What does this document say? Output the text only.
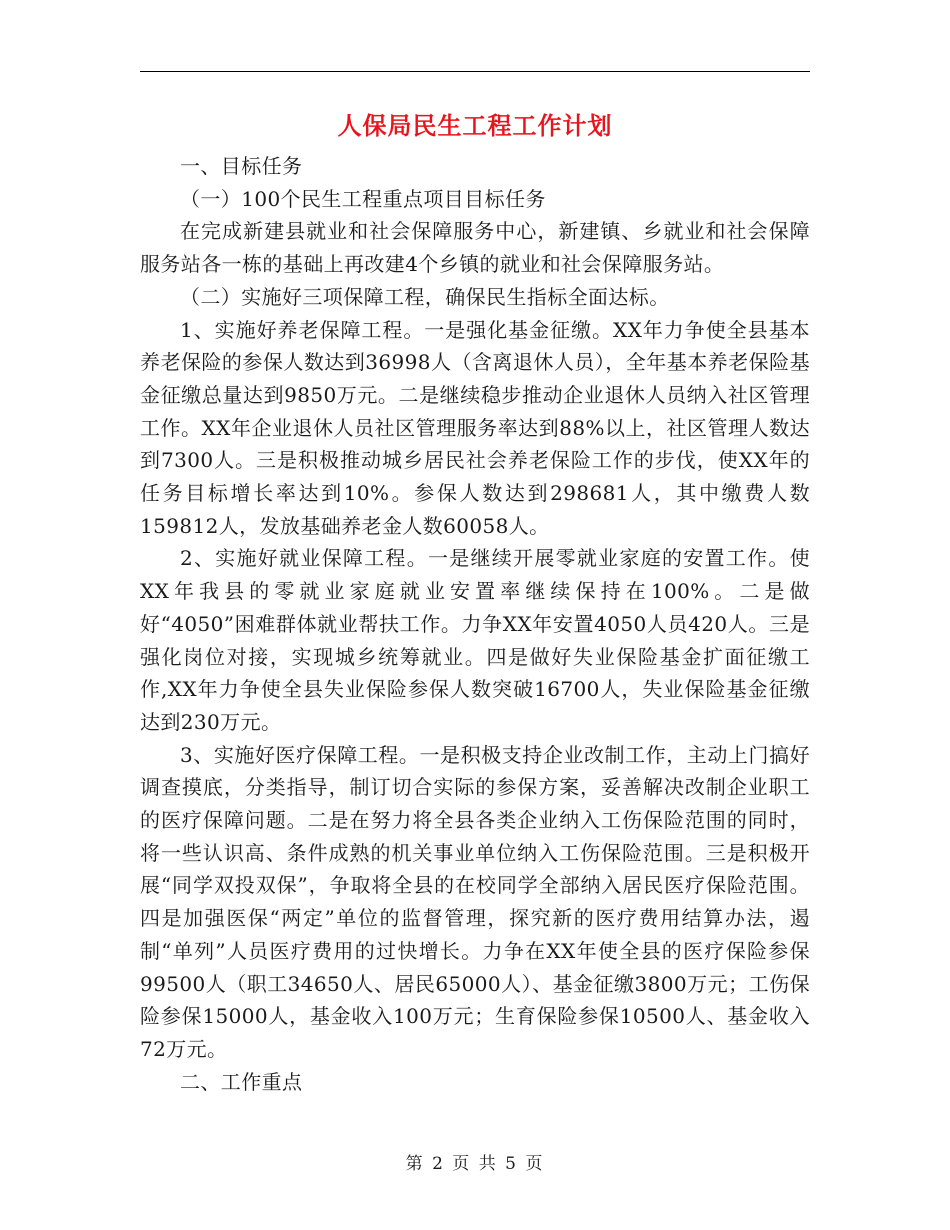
人保局民生工程工作计划

一、目标任务

（一）100个民生工程重点项目目标任务

在完成新建县就业和社会保障服务中心，新建镇、乡就业和社会保障服务站各一栋的基础上再改建4个乡镇的就业和社会保障服务站。

（二）实施好三项保障工程，确保民生指标全面达标。

1、实施好养老保障工程。一是强化基金征缴。XX年力争使全县基本养老保险的参保人数达到36998人（含离退休人员），全年基本养老保险基金征缴总量达到9850万元。二是继续稳步推动企业退休人员纳入社区管理工作。XX年企业退休人员社区管理服务率达到88%以上，社区管理人数达到7300人。三是积极推动城乡居民社会养老保险工作的步伐，使XX年的任务目标增长率达到10%。参保人数达到298681人，其中缴费人数159812人，发放基础养老金人数60058人。

2、实施好就业保障工程。一是继续开展零就业家庭的安置工作。使XX年我县的零就业家庭就业安置率继续保持在100%。二是做好“4050”困难群体就业帮扶工作。力争XX年安置4050人员420人。三是强化岗位对接，实现城乡统筹就业。四是做好失业保险基金扩面征缴工作,XX年力争使全县失业保险参保人数突破16700人，失业保险基金征缴达到230万元。

3、实施好医疗保障工程。一是积极支持企业改制工作，主动上门搞好调查摸底，分类指导，制订切合实际的参保方案，妥善解决改制企业职工的医疗保障问题。二是在努力将全县各类企业纳入工伤保险范围的同时，将一些认识高、条件成熟的机关事业单位纳入工伤保险范围。三是积极开展“同学双投双保”，争取将全县的在校同学全部纳入居民医疗保险范围。四是加强医保“两定”单位的监督管理，探究新的医疗费用结算办法，遏制“单列”人员医疗费用的过快增长。力争在XX年使全县的医疗保险参保99500人（职工34650人、居民65000人）、基金征缴3800万元；工伤保险参保15000人，基金收入100万元；生育保险参保10500人、基金收入72万元。

二、工作重点

第 2 页 共 5 页
